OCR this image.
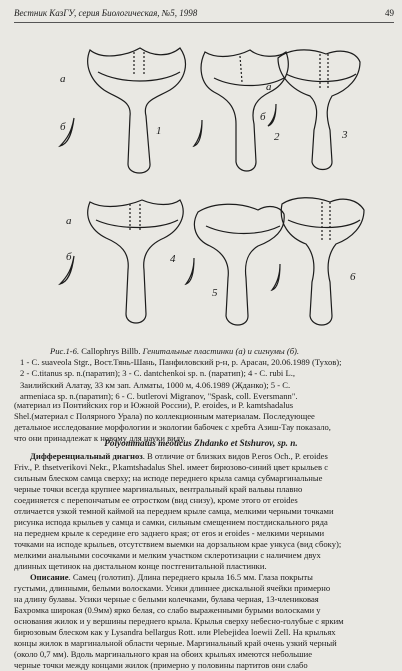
Вестник КазГУ, серия Биологическая, №5, 1998	49
1	2	3
4
5
6
а
б
а
б
а
б

Рис.1-6. Callophrys Billb. Генитальные пластинки (а) и сигнумы (б).

1 - C. suaveola Stgr., Вост.Тянь-Шань, Панфиловский р-н, р. Арасан, 20.06.1989 (Тухов);

2 - C.titanus sp. n.(паратип); 3 - C. dantchenkoi sp. n. (паратип); 4 - C. rubi L.,

Заилийский Алатау, 33 км зап. Алматы, 1000 м, 4.06.1989 (Жданко); 5 - C.

armeniaca sp. n.(паратип); 6 - C. butlerovi Migranov, "Spask, coll. Eversmann".

(материал из Понтийских гор и Южной России), P. eroides, и P. kamtshadalus

Shel.(материал с Полярного Урала) по коллекционным материалам. Последующее

детальное исследование морфологии и экологии бабочек с хребта Азиш-Тау показало,

что они принадлежат к новому для науки виду.

Polyommatus meoticus Zhdanko et Stshurov, sp. n.

Дифференциальный диагноз. В отличие от близких видов P.eros Och., P. eroides

Friv., P. thsetverikovi Nekr., P.kamtshadalus Shel. имеет бирюзово-синий цвет крыльев с

сильным блеском самца сверху; на исподе переднего крыла самца субмаргинальные

черные точки всегда крупнее маргинальных, вентральный край вальвы плавно

соединяется с перепончатым ее отростком (вид снизу), кроме этого от eroides

отличается узкой темной каймой на переднем крыле самца, мелкими черными точками

рисунка испода крыльев у самца и самки, сильным смещением постдискального ряда

на переднем крыле к середине его заднего края; от eros и eroides - мелкими черными

точками на исподе крыльев, отсутствием выемки на дорзальном крае ункуса (вид сбоку);

мелкими анальными сосочками и мелким участком склеротизации с наличием двух

длинных щетинок на дистальном конце постгенитальной пластинки.

Описание. Самец (голотип). Длина переднего крыла 16.5 мм. Глаза покрыты

густыми, длинными, белыми волосками. Усики длиннее дискальной ячейки примерно

на длину булавы. Усики черные с белыми колечками, булава черная, 13-члениковая

Бахромка широкая (0.9мм) ярко белая, со слабо выраженными бурыми волосками у

основания жилок и у вершины переднего крыла. Крылья сверху небесно-голубые с ярким

бирюзовым блеском как у Lysandra bellargus Rott. или Plebejidea loewii Zell. На крыльях

концы жилок в маргинальной области черные. Маргинальный край очень узкий черный

(около 0,7 мм). Вдоль маргинального края на обоих крыльях имеются небольшие

черные точки между концами жилок (примерно у половины партитов они слабо
